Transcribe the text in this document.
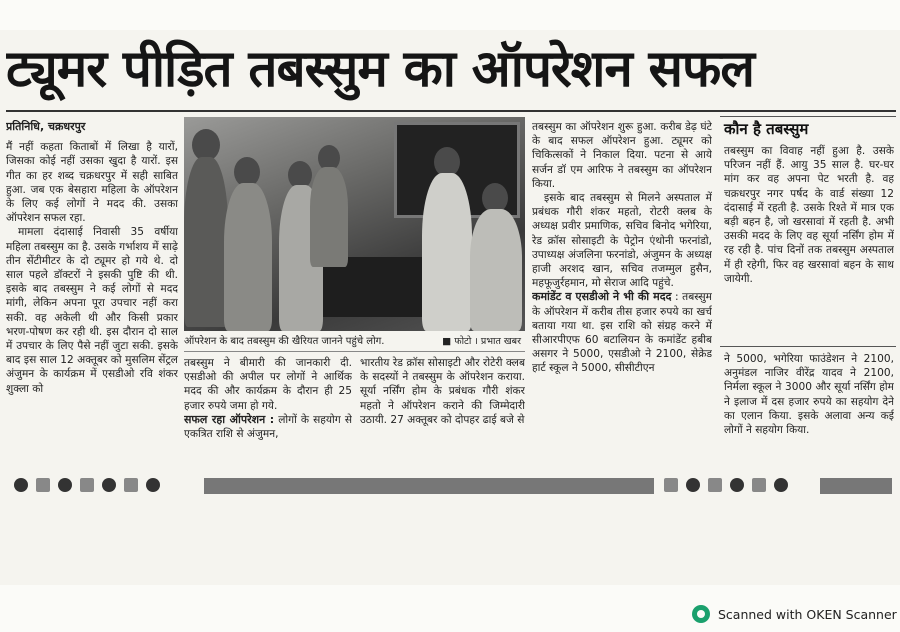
ट्यूमर पीड़ित तबस्सुम का ऑपरेशन सफल
प्रतिनिधि, चक्रधरपुर

मैं नहीं कहता किताबों में लिखा है यारों, जिसका कोई नहीं उसका खुदा है यारों. इस गीत का हर शब्द चक्रधरपुर में सही साबित हुआ. जब एक बेसहारा महिला के ऑपरेशन के लिए कई लोगों ने मदद की. उसका ऑपरेशन सफल रहा.

मामला दंदासाई निवासी 35 वर्षीया महिला तबस्सुम का है. उसके गर्भाशय में साढ़े तीन सेंटीमीटर के दो ट्यूमर हो गये थे. दो साल पहले डॉक्टरों ने इसकी पुष्टि की थी. इसके बाद तबस्सुम ने कई लोगों से मदद मांगी, लेकिन अपना पूरा उपचार नहीं करा सकी. वह अकेली थी और किसी प्रकार भरण-पोषण कर रही थी. इस दौरान दो साल में उपचार के लिए पैसे नहीं जुटा सकी. इसके बाद इस साल 12 अक्तूबर को मुसलिम सेंट्रल अंजुमन के कार्यक्रम में एसडीओ रवि शंकर शुक्ला को

ऑपरेशन के बाद तबस्सुम की खैरियत जानने पहुंचे लोग.	■ फोटो । प्रभात खबर

तबस्सुम ने बीमारी की जानकारी दी. एसडीओ की अपील पर लोगों ने आर्थिक मदद की और कार्यक्रम के दौरान ही 25 हजार रुपये जमा हो गये.

सफल रहा ऑपरेशन : लोगों के सहयोग से एकत्रित राशि से अंजुमन,

भारतीय रेड क्रॉस सोसाइटी और रोटेरी क्लब के सदस्यों ने तबस्सुम के ऑपरेशन कराया. सूर्या नर्सिंग होम के प्रबंधक गौरी शंकर महतो ने ऑपरेशन कराने की जिम्मेदारी उठायी. 27 अक्तूबर को दोपहर ढाई बजे से

तबस्सुम का ऑपरेशन शुरू हुआ. करीब डेढ़ घंटे के बाद सफल ऑपरेशन हुआ. ट्यूमर को चिकित्सकों ने निकाल दिया. पटना से आये सर्जन डॉ एम आरिफ ने तबस्सुम का ऑपरेशन किया.

इसके बाद तबस्सुम से मिलने अस्पताल में प्रबंधक गौरी शंकर महतो, रोटरी क्लब के अध्यक्ष प्रवीर प्रमाणिक, सचिव बिनोद भगेरिया, रेड क्रॉस सोसाइटी के पेट्रोन एंथोनी फरनांडो, उपाध्यक्ष अंजलिना फरनांडो, अंजुमन के अध्यक्ष हाजी अरशद खान, सचिव तजम्मुल हुसैन, महफूजुर्रहमान, मो सेराज आदि पहुंचे.

कमांडेंट व एसडीओ ने भी की मदद : तबस्सुम के ऑपरेशन में करीब तीस हजार रुपये का खर्च बताया गया था. इस राशि को संग्रह करने में सीआरपीएफ 60 बटालियन के कमांडेंट हबीब असगर ने 5000, एसडीओ ने 2100, सेक्रेड हार्ट स्कूल ने 5000, सीसीटीएन

कौन है तबस्सुम

तबस्सुम का विवाह नहीं हुआ है. उसके परिजन नहीं हैं. आयु 35 साल है. घर-घर मांग कर वह अपना पेट भरती है. वह चक्रधरपुर नगर पर्षद के वार्ड संख्या 12 दंदासाई में रहती है. उसके रिश्ते में मात्र एक बड़ी बहन है, जो खरसावां में रहती है. अभी उसकी मदद के लिए वह सूर्या नर्सिंग होम में रह रही है. पांच दिनों तक तबस्सुम अस्पताल में ही रहेगी, फिर वह खरसावां बहन के साथ जायेगी.

ने 5000, भगेरिया फाउंडेशन ने 2100, अनुमंडल नाजिर वीरेंद्र यादव ने 2100, निर्मला स्कूल ने 3000 और सूर्या नर्सिंग होम ने इलाज में दस हजार रुपये का सहयोग देने का एलान किया. इसके अलावा अन्य कई लोगों ने सहयोग किया.

Scanned with OKEN Scanner
